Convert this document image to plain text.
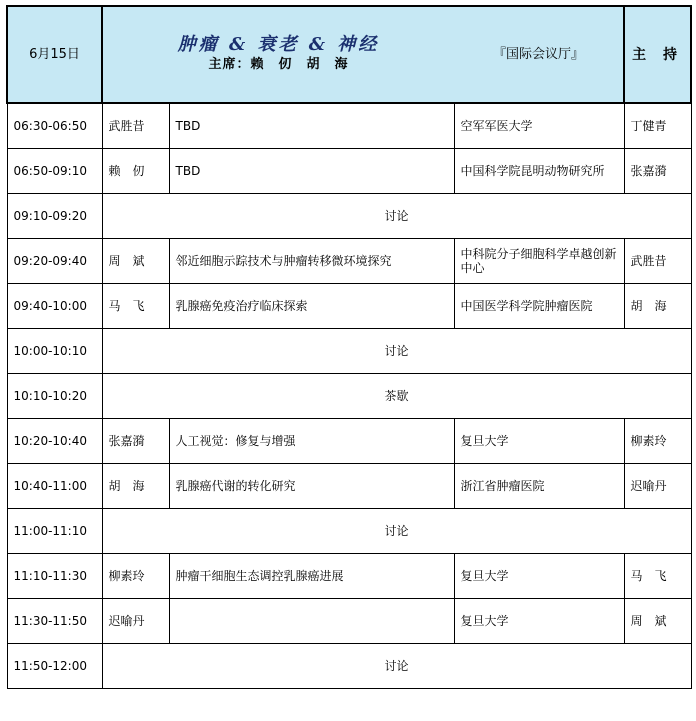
6月15日	肿瘤 & 衰老 & 神经
主席：赖　仞　胡　海		『国际会议厅』	主 持
06:30-06:50	武胜昔	TBD	空军军医大学	丁健青
06:50-09:10	赖　仞	TBD	中国科学院昆明动物研究所	张嘉漪
09:10-09:20	讨论			
09:20-09:40	周　斌	邻近细胞示踪技术与肿瘤转移微环境探究	中科院分子细胞科学卓越创新中心	武胜昔
09:40-10:00	马　飞	乳腺癌免疫治疗临床探索	中国医学科学院肿瘤医院	胡　海
10:00-10:10	讨论			
10:10-10:20	茶歇			
10:20-10:40	张嘉漪	人工视觉：修复与增强	复旦大学	柳素玲
10:40-11:00	胡　海	乳腺癌代谢的转化研究	浙江省肿瘤医院	迟喻丹
11:00-11:10	讨论			
11:10-11:30	柳素玲	肿瘤干细胞生态调控乳腺癌进展	复旦大学	马　飞
11:30-11:50	迟喻丹		复旦大学	周　斌
11:50-12:00	讨论			
